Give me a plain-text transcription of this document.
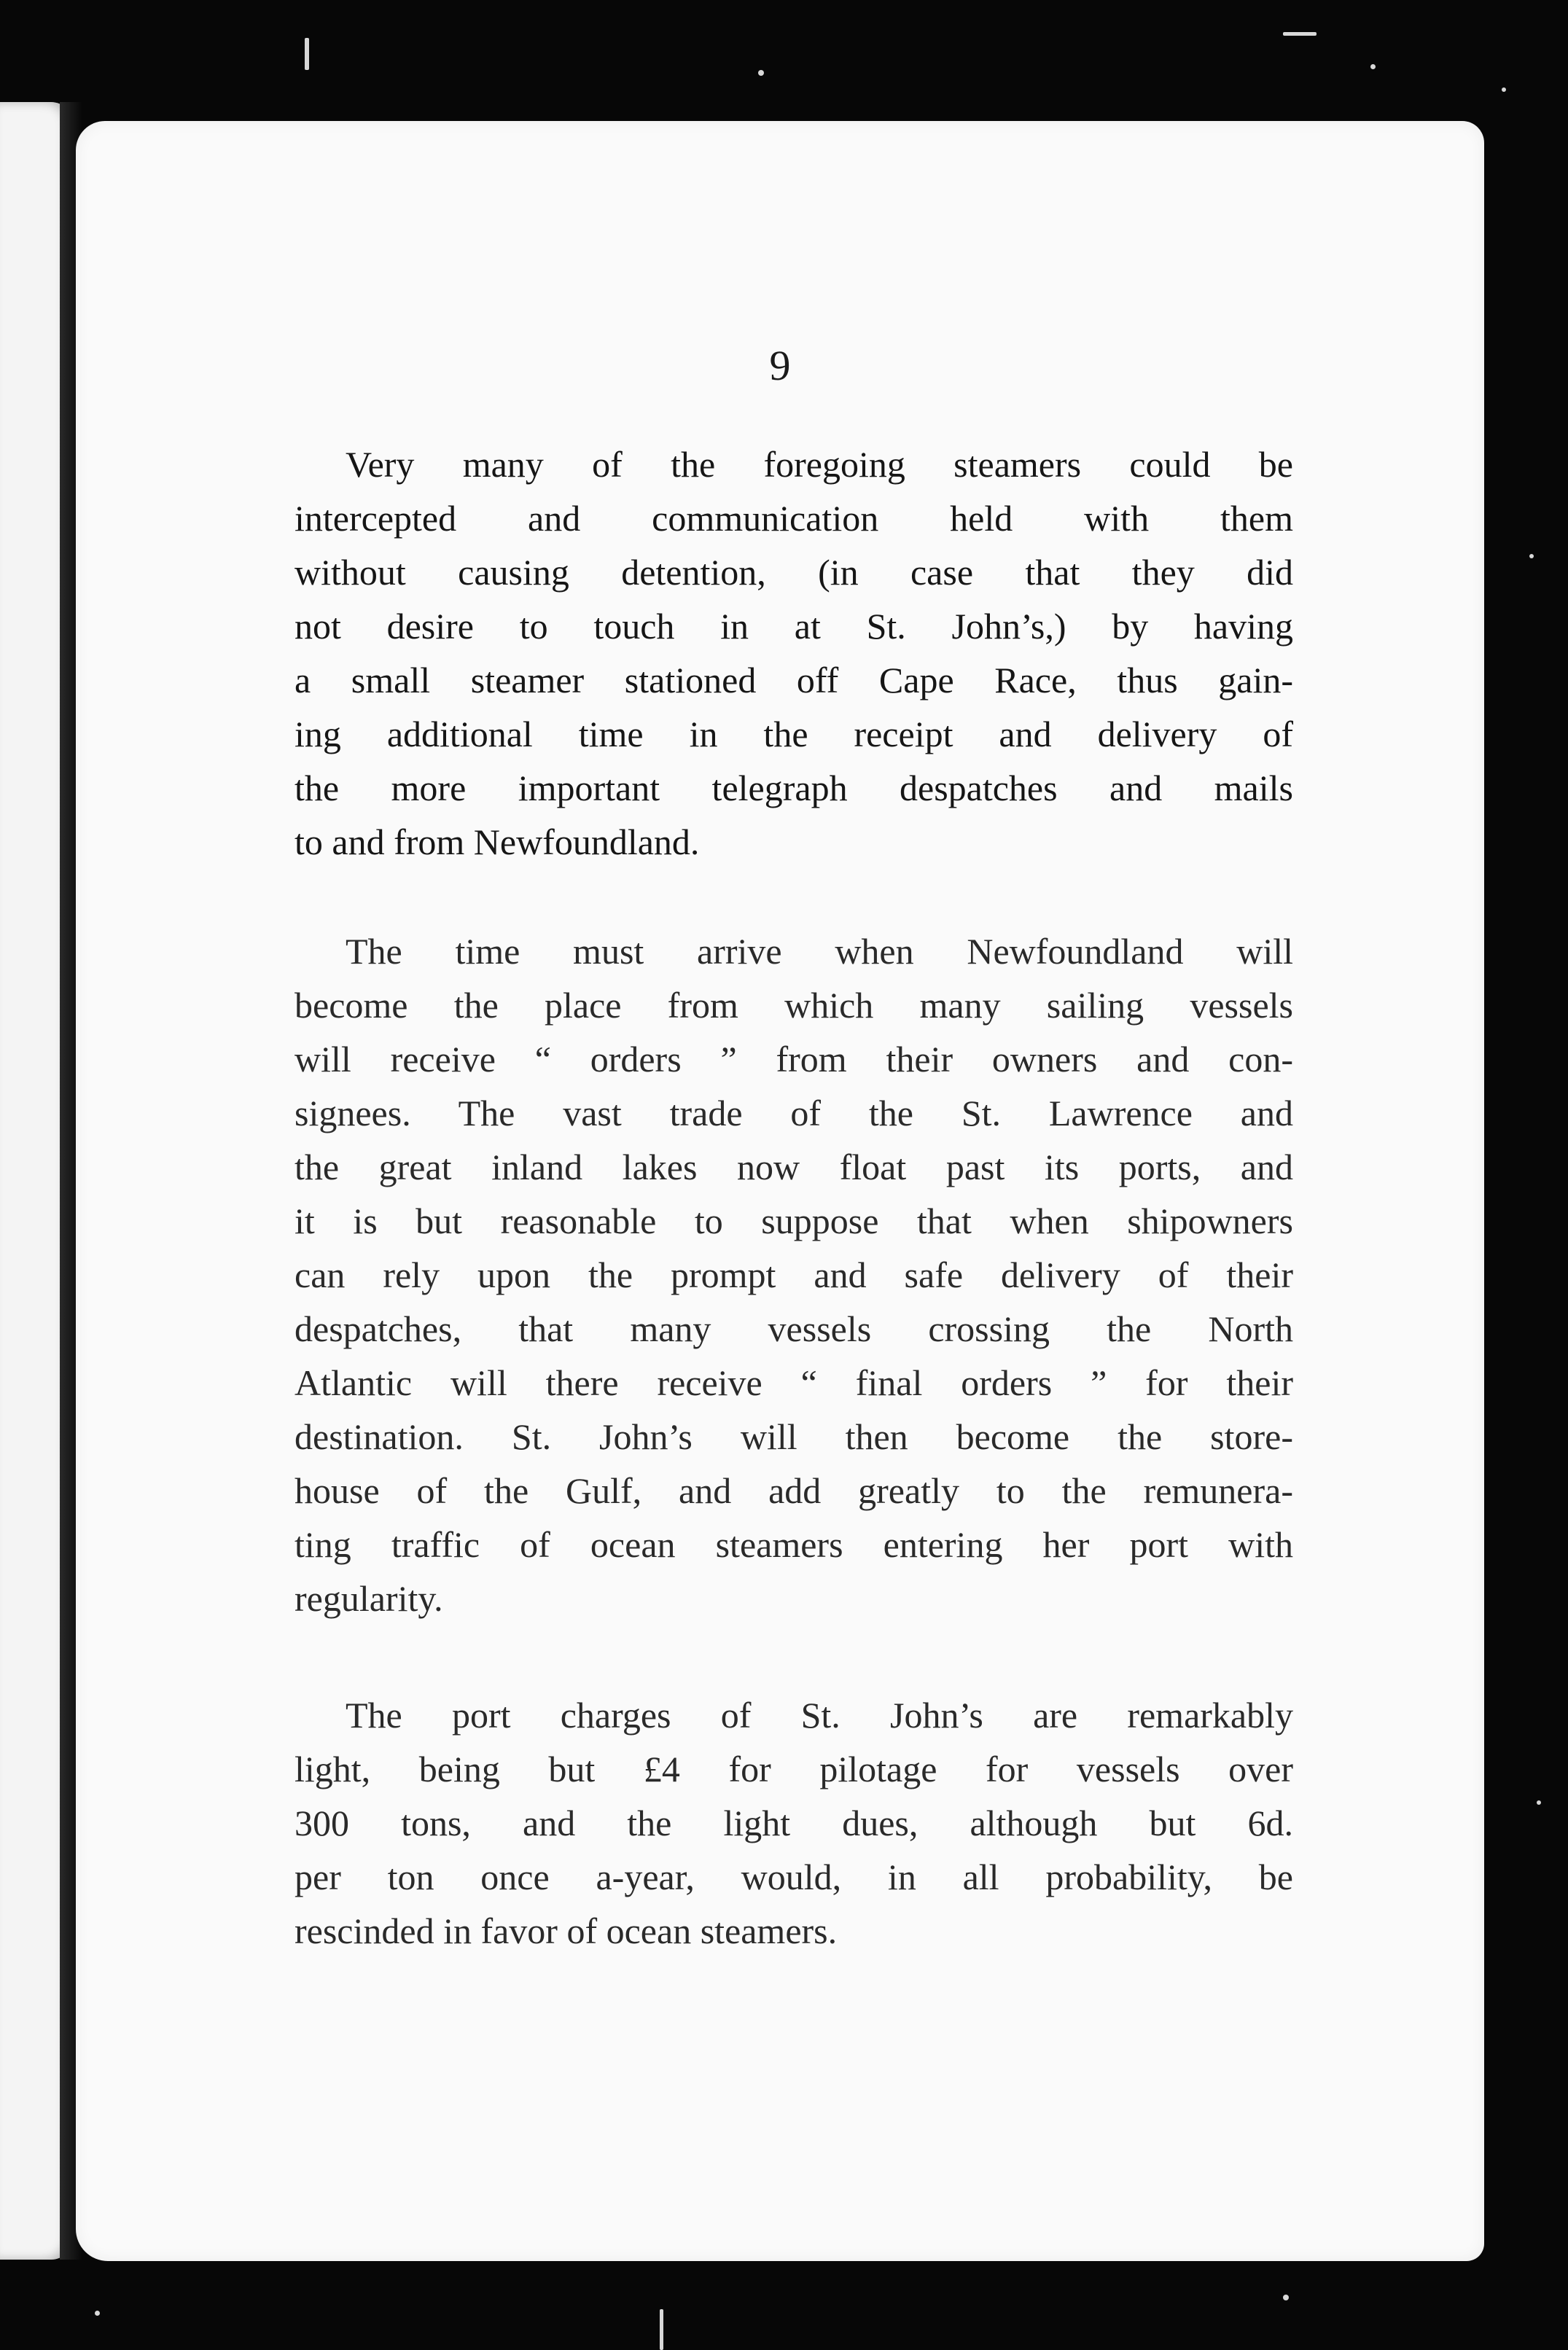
9

Very many of the foregoing steamers could be
intercepted and communication held with them
without causing detention, (in case that they did
not desire to touch in at St. John’s,) by having
a small steamer stationed off Cape Race, thus gain-
ing additional time in the receipt and delivery of
the more important telegraph despatches and mails
to and from Newfoundland.

The time must arrive when Newfoundland will
become the place from which many sailing vessels
will receive “ orders ” from their owners and con-
signees. The vast trade of the St. Lawrence and
the great inland lakes now float past its ports, and
it is but reasonable to suppose that when shipowners
can rely upon the prompt and safe delivery of their
despatches, that many vessels crossing the North
Atlantic will there receive “ final orders ” for their
destination. St. John’s will then become the store-
house of the Gulf, and add greatly to the remunera-
ting traffic of ocean steamers entering her port with
regularity.

The port charges of St. John’s are remarkably
light, being but £4 for pilotage for vessels over
300 tons, and the light dues, although but 6d.
per ton once a-year, would, in all probability, be
rescinded in favor of ocean steamers.
